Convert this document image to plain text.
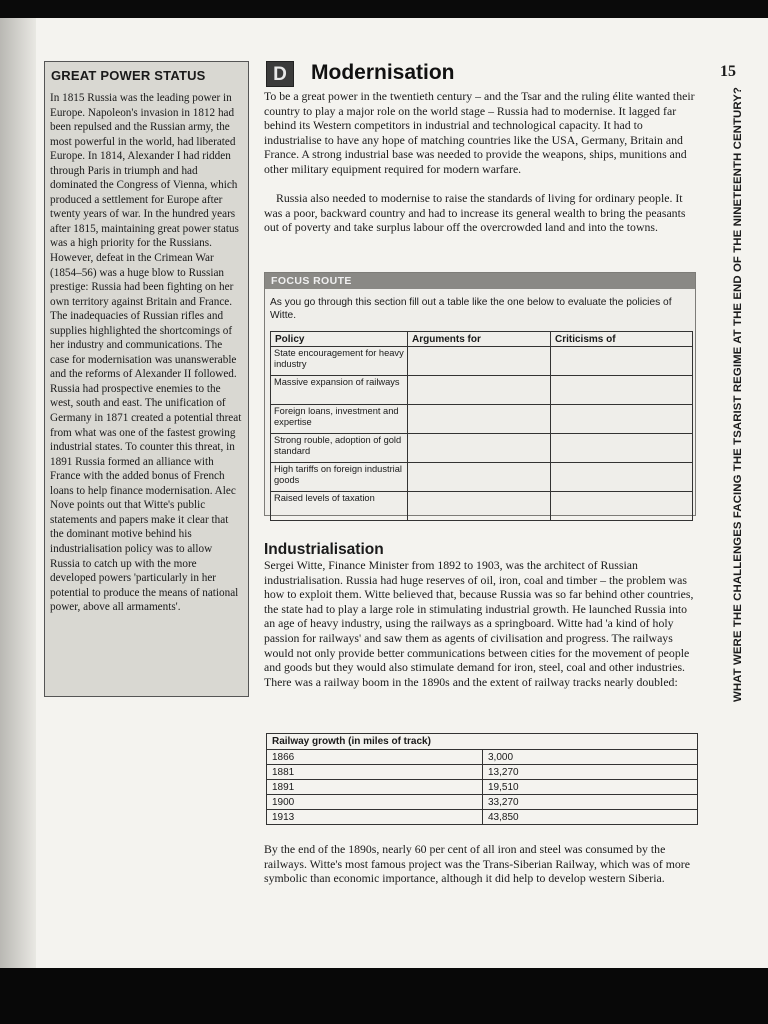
GREAT POWER STATUS

In 1815 Russia was the leading power in Europe. Napoleon's invasion in 1812 had been repulsed and the Russian army, the most powerful in the world, had liberated Europe. In 1814, Alexander I had ridden through Paris in triumph and had dominated the Congress of Vienna, which produced a settlement for Europe after twenty years of war. In the hundred years after 1815, maintaining great power status was a high priority for the Russians. However, defeat in the Crimean War (1854–56) was a huge blow to Russian prestige: Russia had been fighting on her own territory against Britain and France. The inadequacies of Russian rifles and supplies highlighted the shortcomings of her industry and communications. The case for modernisation was unanswerable and the reforms of Alexander II followed. Russia had prospective enemies to the west, south and east. The unification of Germany in 1871 created a potential threat from what was one of the fastest growing industrial states. To counter this threat, in 1891 Russia formed an alliance with France with the added bonus of French loans to help finance modernisation. Alec Nove points out that Witte's public statements and papers make it clear that the dominant motive behind his industrialisation policy was to allow Russia to catch up with the more developed powers 'particularly in her potential to produce the means of national power, above all armaments'.

D	Modernisation	15

To be a great power in the twentieth century – and the Tsar and the ruling élite wanted their country to play a major role on the world stage – Russia had to modernise. It lagged far behind its Western competitors in industrial and technological capacity. It had to industrialise to have any hope of matching countries like the USA, Germany, Britain and France. A strong industrial base was needed to provide the weapons, ships, munitions and other military equipment required for modern warfare.

Russia also needed to modernise to raise the standards of living for ordinary people. It was a poor, backward country and had to increase its general wealth to bring the peasants out of poverty and take surplus labour off the overcrowded land and into the towns.

FOCUS ROUTE
As you go through this section fill out a table like the one below to evaluate the policies of Witte.
Policy	Arguments for	Criticisms of
State encouragement for heavy industry		
Massive expansion of railways		
Foreign loans, investment and expertise		
Strong rouble, adoption of gold standard		
High tariffs on foreign industrial goods		
Raised levels of taxation		
Industrialisation

Sergei Witte, Finance Minister from 1892 to 1903, was the architect of Russian industrialisation. Russia had huge reserves of oil, iron, coal and timber – the problem was how to exploit them. Witte believed that, because Russia was so far behind other countries, the state had to play a large role in stimulating industrial growth. He launched Russia into an age of heavy industry, using the railways as a springboard. Witte had 'a kind of holy passion for railways' and saw them as agents of civilisation and progress. The railways would not only provide better communications between cities for the movement of people and goods but they would also stimulate demand for iron, steel, coal and other industries. There was a railway boom in the 1890s and the extent of railway tracks nearly doubled:

Railway growth (in miles of track)	
1866	3,000
1881	13,270
1891	19,510
1900	33,270
1913	43,850

By the end of the 1890s, nearly 60 per cent of all iron and steel was consumed by the railways. Witte's most famous project was the Trans-Siberian Railway, which was of more symbolic than economic importance, although it did help to develop western Siberia.

WHAT WERE THE CHALLENGES FACING THE TSARIST REGIME AT THE END OF THE NINETEENTH CENTURY?
